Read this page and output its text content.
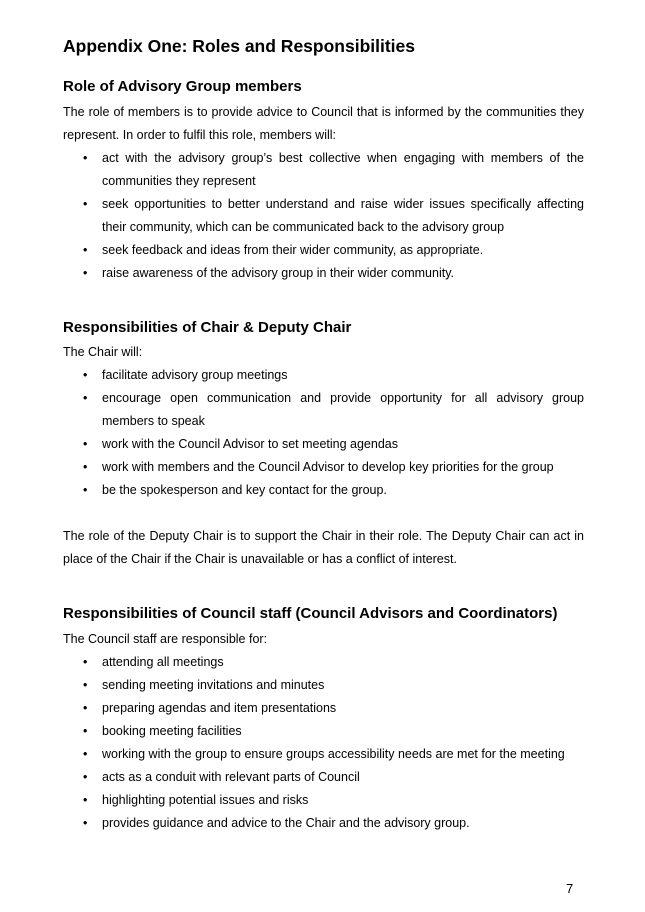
Appendix One: Roles and Responsibilities
Role of Advisory Group members

The role of members is to provide advice to Council that is informed by the communities they represent. In order to fulfil this role, members will:

• act with the advisory group’s best collective when engaging with members of the communities they represent
• seek opportunities to better understand and raise wider issues specifically affecting their community, which can be communicated back to the advisory group
• seek feedback and ideas from their wider community, as appropriate.
• raise awareness of the advisory group in their wider community.
Responsibilities of Chair & Deputy Chair

The Chair will:

• facilitate advisory group meetings
• encourage open communication and provide opportunity for all advisory group members to speak
• work with the Council Advisor to set meeting agendas
• work with members and the Council Advisor to develop key priorities for the group
• be the spokesperson and key contact for the group.

The role of the Deputy Chair is to support the Chair in their role. The Deputy Chair can act in place of the Chair if the Chair is unavailable or has a conflict of interest.

Responsibilities of Council staff (Council Advisors and Coordinators)

The Council staff are responsible for:

• attending all meetings
• sending meeting invitations and minutes
• preparing agendas and item presentations
• booking meeting facilities
• working with the group to ensure groups accessibility needs are met for the meeting
• acts as a conduit with relevant parts of Council
• highlighting potential issues and risks
• provides guidance and advice to the Chair and the advisory group.
7
